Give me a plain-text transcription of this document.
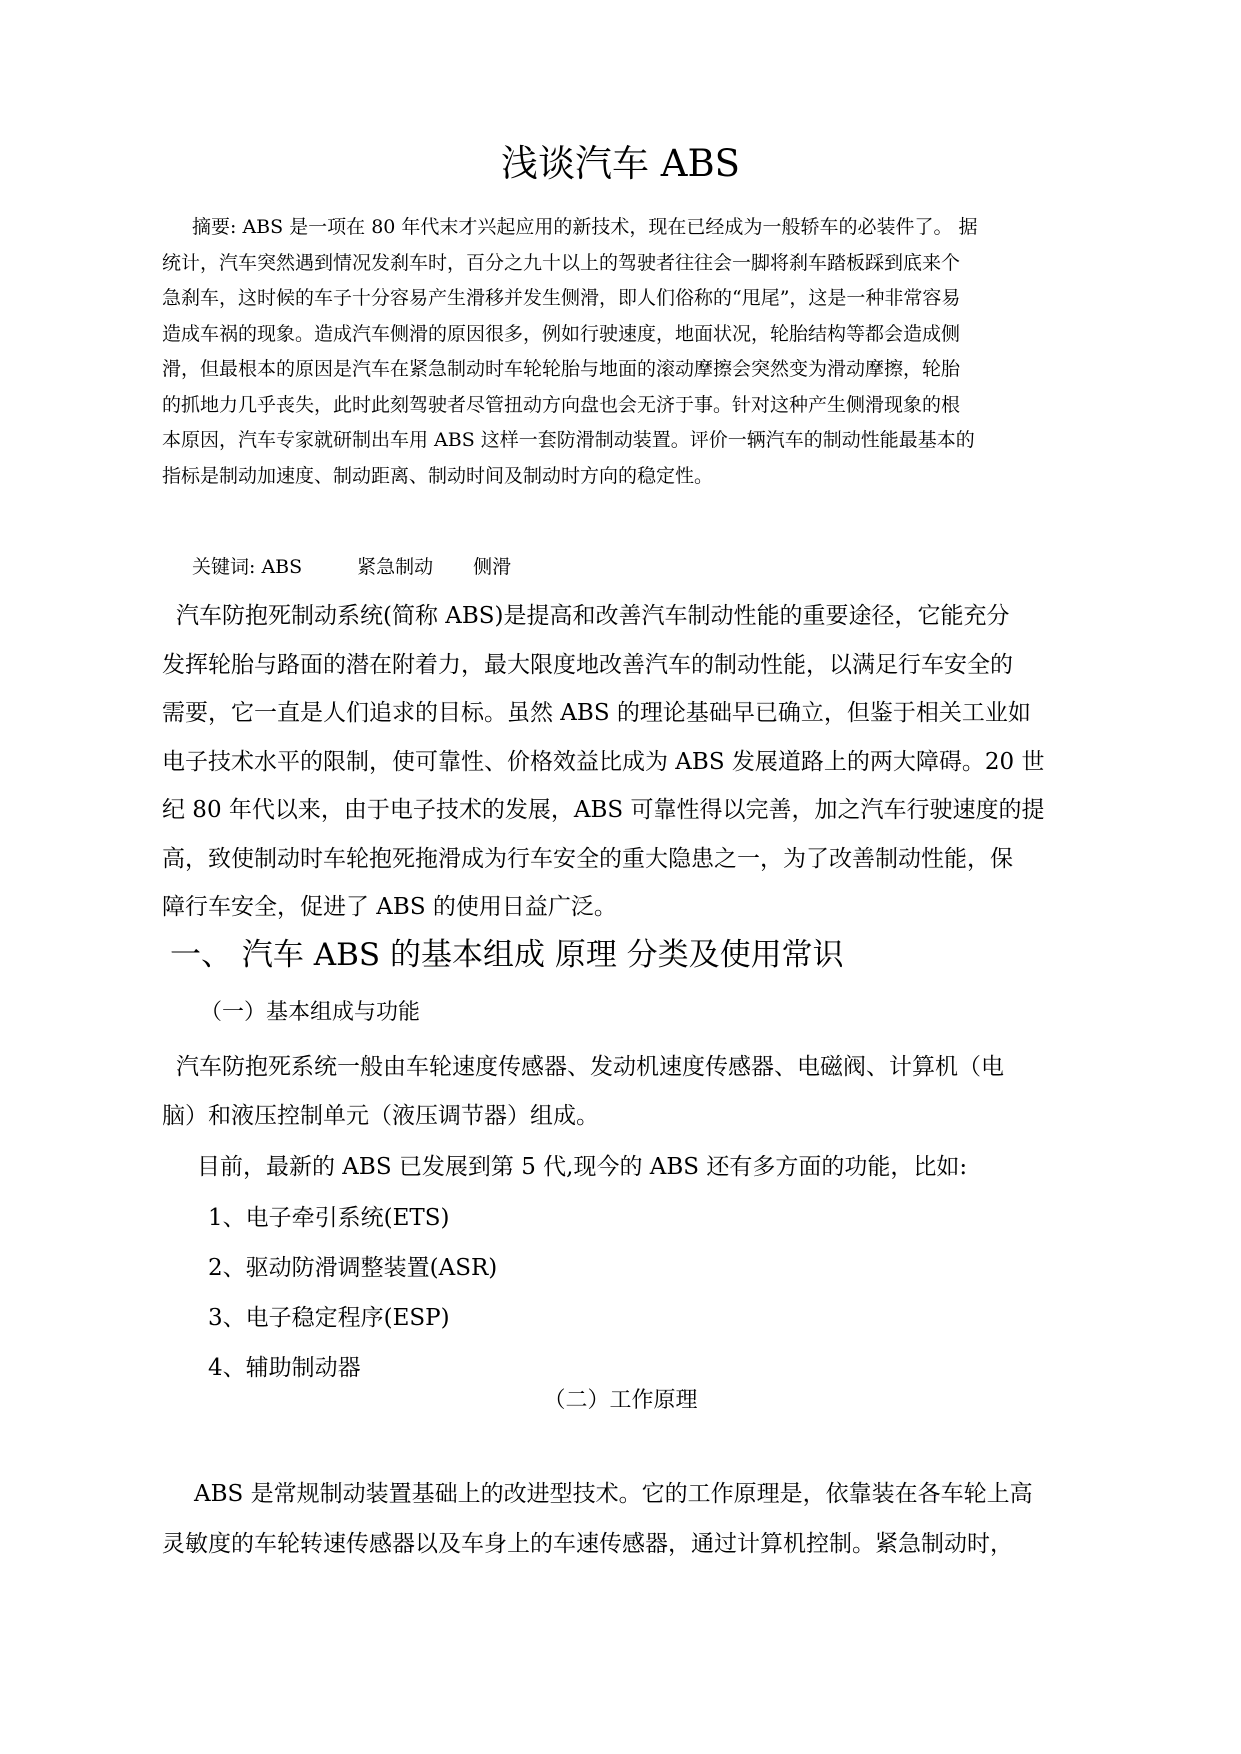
浅谈汽车 ABS
摘要: ABS 是一项在 80 年代末才兴起应用的新技术，现在已经成为一般轿车的必装件了。 据
统计，汽车突然遇到情况发刹车时，百分之九十以上的驾驶者往往会一脚将刹车踏板踩到底来个
急刹车，这时候的车子十分容易产生滑移并发生侧滑，即人们俗称的“甩尾”，这是一种非常容易
造成车祸的现象。造成汽车侧滑的原因很多，例如行驶速度，地面状况，轮胎结构等都会造成侧
滑，但最根本的原因是汽车在紧急制动时车轮轮胎与地面的滚动摩擦会突然变为滑动摩擦，轮胎
的抓地力几乎丧失，此时此刻驾驶者尽管扭动方向盘也会无济于事。针对这种产生侧滑现象的根
本原因，汽车专家就研制出车用 ABS 这样一套防滑制动装置。评价一辆汽车的制动性能最基本的
指标是制动加速度、制动距离、制动时间及制动时方向的稳定性。
关键词: ABS	紧急制动 侧滑
汽车防抱死制动系统(简称 ABS)是提高和改善汽车制动性能的重要途径，它能充分
发挥轮胎与路面的潜在附着力，最大限度地改善汽车的制动性能，以满足行车安全的
需要，它一直是人们追求的目标。虽然 ABS 的理论基础早已确立，但鉴于相关工业如
电子技术水平的限制，使可靠性、价格效益比成为 ABS 发展道路上的两大障碍。20 世
纪 80 年代以来，由于电子技术的发展，ABS 可靠性得以完善，加之汽车行驶速度的提
高，致使制动时车轮抱死拖滑成为行车安全的重大隐患之一，为了改善制动性能，保
障行车安全，促进了 ABS 的使用日益广泛。
一、 汽车 ABS 的基本组成 原理 分类及使用常识
（一）基本组成与功能
汽车防抱死系统一般由车轮速度传感器、发动机速度传感器、电磁阀、计算机（电
脑）和液压控制单元（液压调节器）组成。
目前，最新的 ABS 已发展到第 5 代,现今的 ABS 还有多方面的功能，比如:
1、电子牵引系统(ETS)
2、驱动防滑调整装置(ASR)
3、电子稳定程序(ESP)
4、辅助制动器
（二）工作原理
ABS 是常规制动装置基础上的改进型技术。它的工作原理是，依靠装在各车轮上高
灵敏度的车轮转速传感器以及车身上的车速传感器，通过计算机控制。紧急制动时，
